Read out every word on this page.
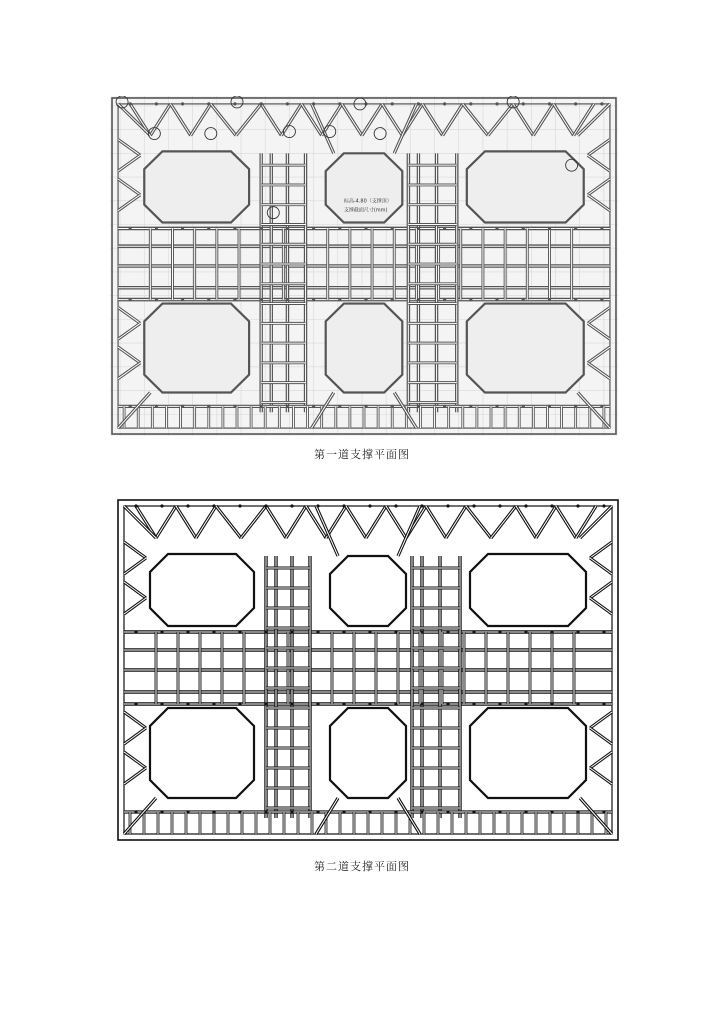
标高-4.80（支撑顶）
支撑截面尺寸(mm)
第一道支撑平面图
第二道支撑平面图
